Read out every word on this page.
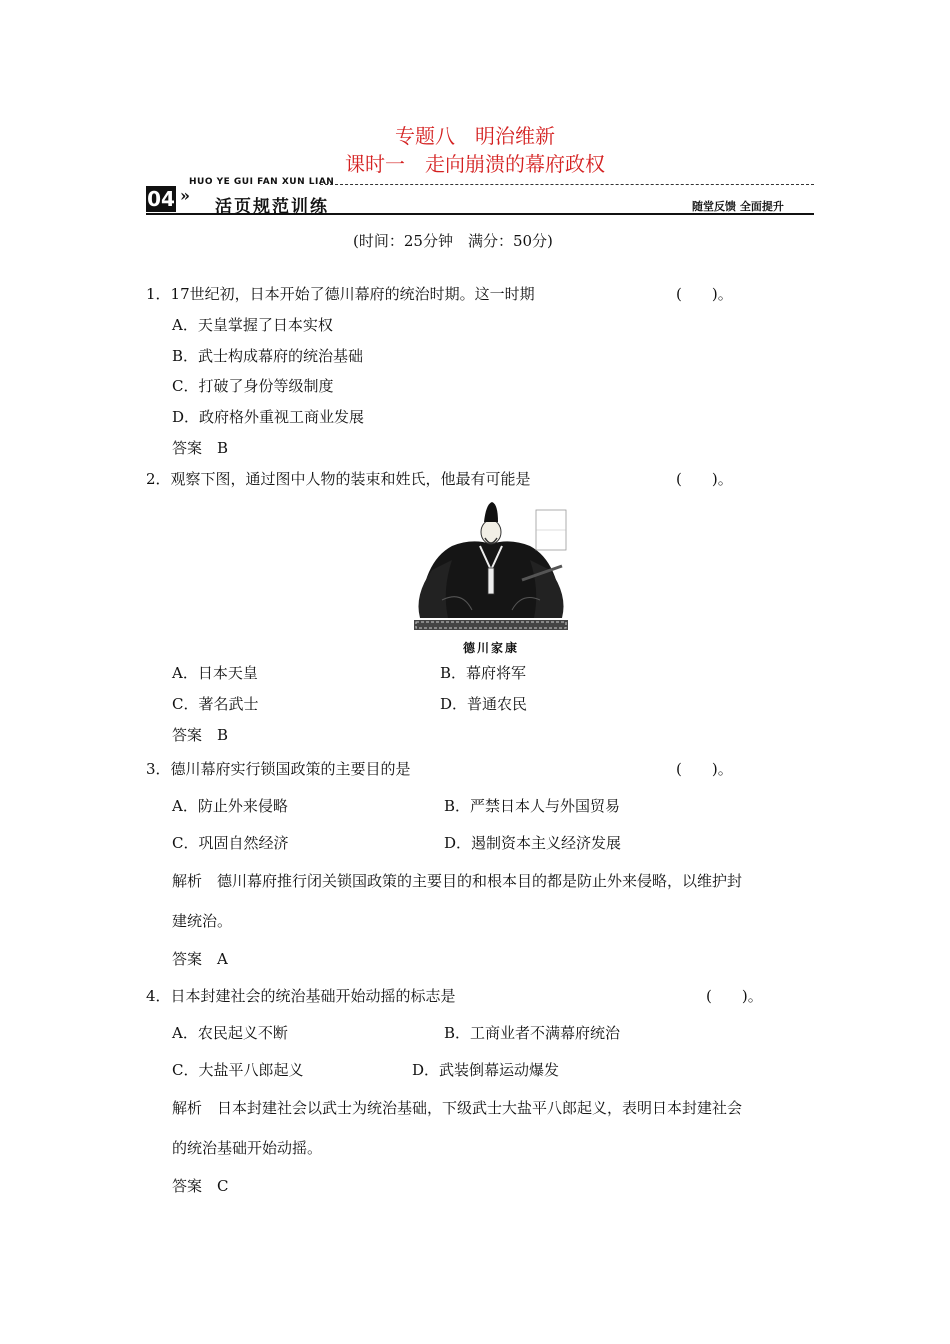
专题八　明治维新
课时一　走向崩溃的幕府政权
HUO YE GUI FAN XUN LIAN
04 »
活页规范训练	随堂反馈 全面提升
(时间：25分钟　满分：50分)
1．17世纪初，日本开始了德川幕府的统治时期。这一时期	(　　)。
A．天皇掌握了日本实权
B．武士构成幕府的统治基础
C．打破了身份等级制度
D．政府格外重视工商业发展
答案　B
2．观察下图，通过图中人物的装束和姓氏，他最有可能是	(　　)。
德川家康
A．日本天皇	B．幕府将军
C．著名武士	D．普通农民
答案　B
3．德川幕府实行锁国政策的主要目的是	(　　)。
A．防止外来侵略	B．严禁日本人与外国贸易
C．巩固自然经济	D．遏制资本主义经济发展
解析　德川幕府推行闭关锁国政策的主要目的和根本目的都是防止外来侵略，以维护封
建统治。
答案　A
4．日本封建社会的统治基础开始动摇的标志是	(　　)。
A．农民起义不断	B．工商业者不满幕府统治
C．大盐平八郎起义	D．武装倒幕运动爆发
解析　日本封建社会以武士为统治基础，下级武士大盐平八郎起义，表明日本封建社会
的统治基础开始动摇。
答案　C
